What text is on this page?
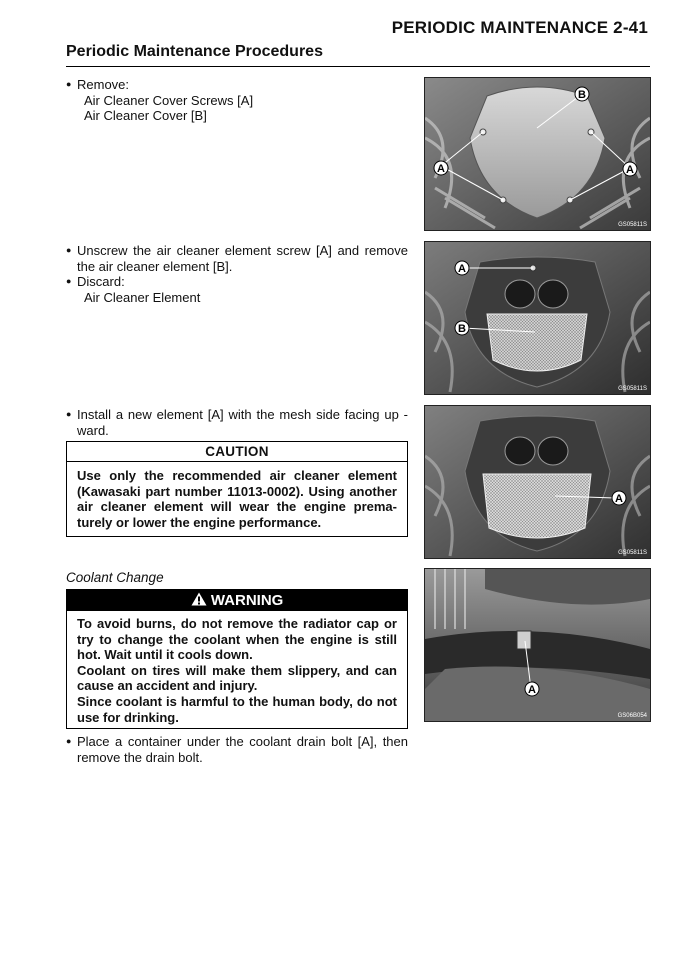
PERIODIC MAINTENANCE 2-41
Periodic Maintenance Procedures
● Remove:
Air Cleaner Cover Screws [A]
Air Cleaner Cover [B]
A	A
B
GS05811S
● Unscrew the air cleaner element screw [A] and remove the air cleaner element [B].
● Discard:
Air Cleaner Element
A
B
GS05811S
● Install a new element [A] with the mesh side facing up -ward.
CAUTION
Use only the recommended air cleaner element (Kawasaki part number 11013-0002). Using another air cleaner element will wear the engine prema-turely or lower the engine performance.
A
GS05811S
Coolant Change
WARNING
To avoid burns, do not remove the radiator cap or try to change the coolant when the engine is still hot. Wait until it cools down.
Coolant on tires will make them slippery, and can cause an accident and injury.
Since coolant is harmful to the human body, do not use for drinking.
● Place a container under the coolant drain bolt [A], then remove the drain bolt.
A
GS06B054
